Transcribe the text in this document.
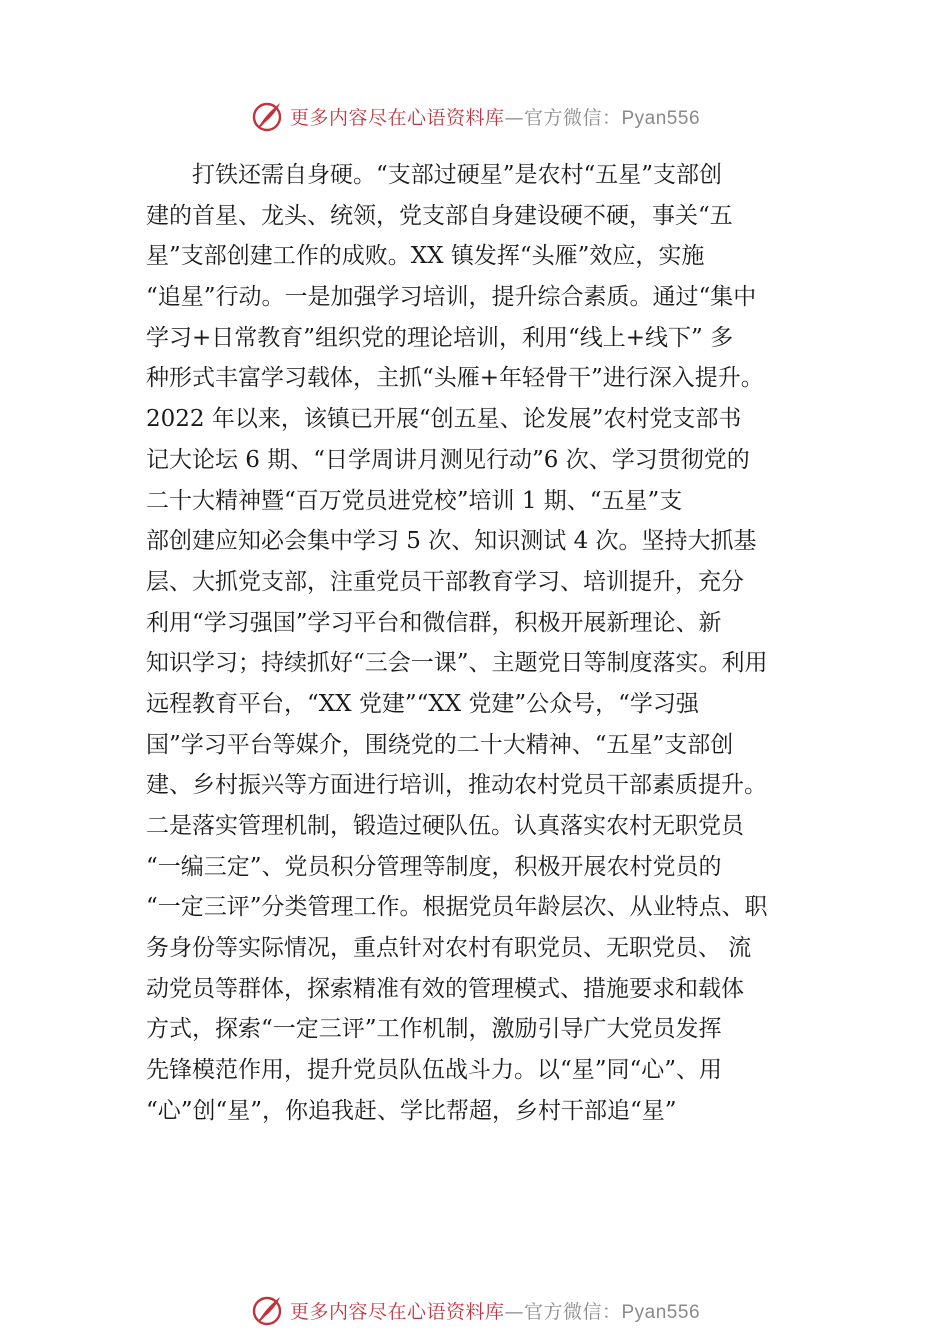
更多内容尽在心语资料库—官方微信：Pyan556
打铁还需自身硬。“支部过硬星”是农村“五星”支部创
建的首星、龙头、统领，党支部自身建设硬不硬，事关“五
星”支部创建工作的成败。XX 镇发挥“头雁”效应，实施
“追星”行动。一是加强学习培训，提升综合素质。通过“集中
学习+日常教育”组织党的理论培训，利用“线上+线下” 多
种形式丰富学习载体，主抓“头雁+年轻骨干”进行深入提升。
2022 年以来，该镇已开展“创五星、论发展”农村党支部书
记大论坛 6 期、“日学周讲月测见行动”6 次、学习贯彻党的
二十大精神暨“百万党员进党校”培训 1 期、“五星”支
部创建应知必会集中学习 5 次、知识测试 4 次。坚持大抓基
层、大抓党支部，注重党员干部教育学习、培训提升，充分
利用“学习强国”学习平台和微信群，积极开展新理论、新
知识学习；持续抓好“三会一课”、主题党日等制度落实。利用
远程教育平台，“XX 党建”“XX 党建”公众号，“学习强
国”学习平台等媒介，围绕党的二十大精神、“五星”支部创
建、乡村振兴等方面进行培训，推动农村党员干部素质提升。
二是落实管理机制，锻造过硬队伍。认真落实农村无职党员
“一编三定”、党员积分管理等制度，积极开展农村党员的
“一定三评”分类管理工作。根据党员年龄层次、从业特点、职
务身份等实际情况，重点针对农村有职党员、无职党员、 流
动党员等群体，探索精准有效的管理模式、措施要求和载体
方式，探索“一定三评”工作机制，激励引导广大党员发挥
先锋模范作用，提升党员队伍战斗力。以“星”同“心”、用
“心”创“星”，你追我赶、学比帮超，乡村干部追“星”
更多内容尽在心语资料库—官方微信：Pyan556
